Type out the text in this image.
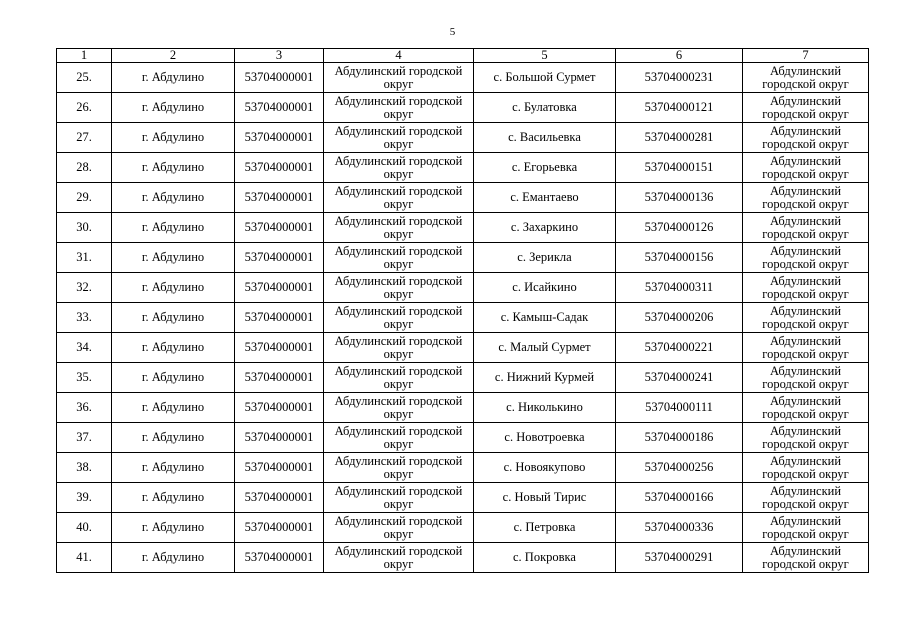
5
1	2	3	4	5	6	7
25.	г. Абдулино	53704000001	Абдулинский городской
округ	с. Большой Сурмет	53704000231	Абдулинский
городской округ

26.	г. Абдулино	53704000001	Абдулинский городской
округ	с. Булатовка	53704000121	Абдулинский
городской округ

27.	г. Абдулино	53704000001	Абдулинский городской
округ	с. Васильевка	53704000281	Абдулинский
городской округ

28.	г. Абдулино	53704000001	Абдулинский городской
округ	с. Егорьевка	53704000151	Абдулинский
городской округ

29.	г. Абдулино	53704000001	Абдулинский городской
округ	с. Емантаево	53704000136	Абдулинский
городской округ

30.	г. Абдулино	53704000001	Абдулинский городской
округ	с. Захаркино	53704000126	Абдулинский
городской округ

31.	г. Абдулино	53704000001	Абдулинский городской
округ	с. Зерикла	53704000156	Абдулинский
городской округ

32.	г. Абдулино	53704000001	Абдулинский городской
округ	с. Исайкино	53704000311	Абдулинский
городской округ

33.	г. Абдулино	53704000001	Абдулинский городской
округ	с. Камыш-Садак	53704000206	Абдулинский
городской округ

34.	г. Абдулино	53704000001	Абдулинский городской
округ	с. Малый Сурмет	53704000221	Абдулинский
городской округ

35.	г. Абдулино	53704000001	Абдулинский городской
округ	с. Нижний Курмей	53704000241	Абдулинский
городской округ

36.	г. Абдулино	53704000001	Абдулинский городской
округ	с. Николькино	53704000111	Абдулинский
городской округ

37.	г. Абдулино	53704000001	Абдулинский городской
округ	с. Новотроевка	53704000186	Абдулинский
городской округ

38.	г. Абдулино	53704000001	Абдулинский городской
округ	с. Новоякупово	53704000256	Абдулинский
городской округ

39.	г. Абдулино	53704000001	Абдулинский городской
округ	с. Новый Тирис	53704000166	Абдулинский
городской округ

40.	г. Абдулино	53704000001	Абдулинский городской
округ	с. Петровка	53704000336	Абдулинский
городской округ

41.	г. Абдулино	53704000001	Абдулинский городской
округ	с. Покровка	53704000291	Абдулинский
городской округ
